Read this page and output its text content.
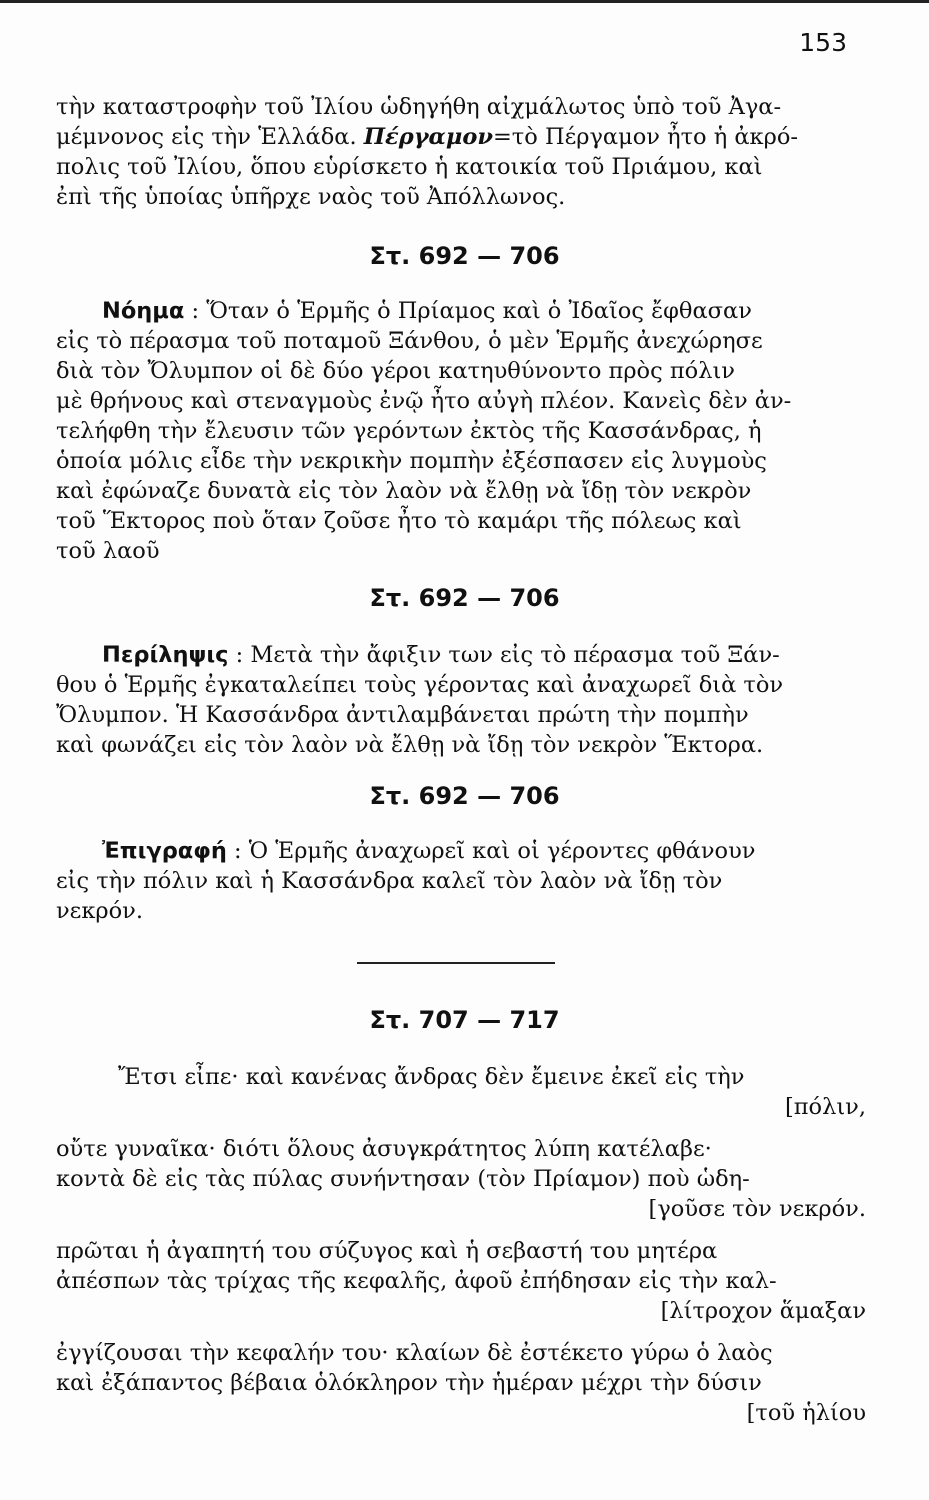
153
τὴν καταστροφὴν τοῦ Ἰλίου ὡδηγήθη αἰχμάλωτος ὑπὸ τοῦ Ἀγα-
μέμνονος εἰς τὴν Ἑλλάδα. Πέργαμον=τὸ Πέργαμον ἦτο ἡ ἀκρό-
πολις τοῦ Ἰλίου, ὅπου εὑρίσκετο ἡ κατοικία τοῦ Πριάμου, καὶ
ἐπὶ τῆς ὑποίας ὑπῆρχε ναὸς τοῦ Ἀπόλλωνος.
Στ. 692 — 706
Νόημα : Ὅταν ὁ Ἑρμῆς ὁ Πρίαμος καὶ ὁ Ἰδαῖος ἔφθασαν
εἰς τὸ πέρασμα τοῦ ποταμοῦ Ξάνθου, ὁ μὲν Ἑρμῆς ἀνεχώρησε
διὰ τὸν Ὄλυμπον οἱ δὲ δύο γέροι κατηυθύνοντο πρὸς πόλιν
μὲ θρήνους καὶ στεναγμοὺς ἐνῷ ἦτο αὐγὴ πλέον. Κανεὶς δὲν ἀν-
τελήφθη τὴν ἔλευσιν τῶν γερόντων ἐκτὸς τῆς Κασσάνδρας, ἡ
ὁποία μόλις εἶδε τὴν νεκρικὴν πομπὴν ἐξέσπασεν εἰς λυγμοὺς
καὶ ἐφώναζε δυνατὰ εἰς τὸν λαὸν νὰ ἔλθῃ νὰ ἴδῃ τὸν νεκρὸν
τοῦ Ἕκτορος ποὺ ὅταν ζοῦσε ἦτο τὸ καμάρι τῆς πόλεως καὶ
τοῦ λαοῦ
Στ. 692 — 706
Περίληψις : Μετὰ τὴν ἄφιξιν των εἰς τὸ πέρασμα τοῦ Ξάν-
θου ὁ Ἑρμῆς ἐγκαταλείπει τοὺς γέροντας καὶ ἀναχωρεῖ διὰ τὸν
Ὄλυμπον. Ἡ Κασσάνδρα ἀντιλαμβάνεται πρώτη τὴν πομπὴν
καὶ φωνάζει εἰς τὸν λαὸν νὰ ἔλθῃ νὰ ἴδῃ τὸν νεκρὸν Ἕκτορα.
Στ. 692 — 706
Ἐπιγραφή : Ὁ Ἑρμῆς ἀναχωρεῖ καὶ οἱ γέροντες φθάνουν
εἰς τὴν πόλιν καὶ ἡ Κασσάνδρα καλεῖ τὸν λαὸν νὰ ἴδῃ τὸν
νεκρόν.
Στ. 707 — 717
Ἔτσι εἶπε· καὶ κανένας ἄνδρας δὲν ἔμεινε ἐκεῖ εἰς τὴν
[πόλιν,
οὔτε γυναῖκα· διότι ὅλους ἀσυγκράτητος λύπη κατέλαβε·
κοντὰ δὲ εἰς τὰς πύλας συνήντησαν (τὸν Πρίαμον) ποὺ ὡδη-
[γοῦσε τὸν νεκρόν.
πρῶται ἡ ἀγαπητή του σύζυγος καὶ ἡ σεβαστή του μητέρα
ἀπέσπων τὰς τρίχας τῆς κεφαλῆς, ἀφοῦ ἐπήδησαν εἰς τὴν καλ-
[λίτροχον ἅμαξαν
ἐγγίζουσαι τὴν κεφαλήν του· κλαίων δὲ ἐστέκετο γύρω ὁ λαὸς
καὶ ἐξάπαντος βέβαια ὁλόκληρον τὴν ἡμέραν μέχρι τὴν δύσιν
[τοῦ ἡλίου
